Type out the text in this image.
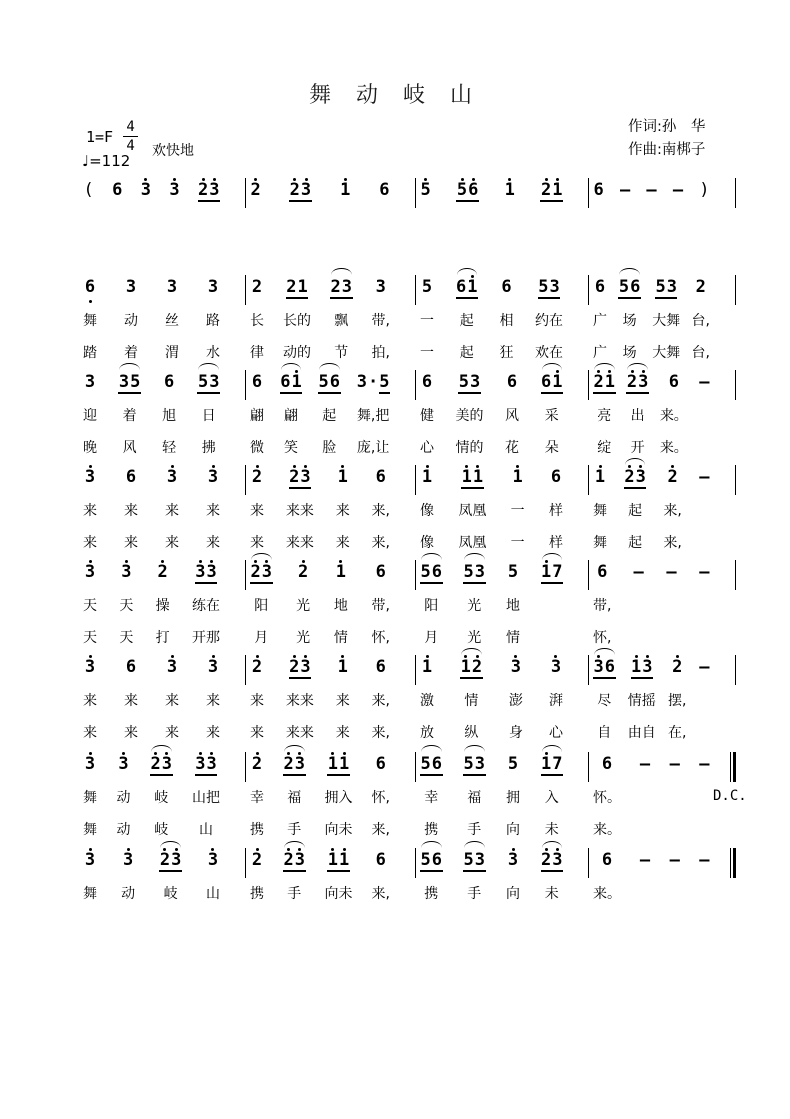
舞 动 岐 山
$1=F \frac{4}{4}$
♩=112
欢快地
作词:孙　华
作曲:南梆子
( 6 3 3 2 3 2 2 3 1 6 5 5 6 1 2 1 6 — — — )
6
舞
踏
3
动
着
3
丝
渭
3
路
水
2
长
律
2 1
长的
动的
2 3
飘
节
3
带,
拍,
5
一
一
6 1
起
起
6
相
狂
5 3
约在
欢在
6
广
广
5 6
场
场
5 3
大舞
大舞
2
台,
台,
3
迎
晚
3 5
着
风
6
旭
轻
5 3
日
拂
6
翩
微
6 1
翩
笑
5 6
起
脸
3 · 5
舞,把
庞,让
6
健
心
5 3
美的
情的
6
风
花
6 1
采
朵
2 1
亮
绽
2 3
出
开
6
来。
来。
—

3
来
来
6
来
来
3
来
来
3
来
来
2
来
来
2 3
来来
来来
1
来
来
6
来,
来,
1
像
像
1 1
凤凰
凤凰
1
一
一
6
样
样
1
舞
舞
2 3
起
起
2
来,
来,
—

3
天
天
3
天
天
2
操
打
3 3
练在
开那
2 3
阳
月
2
光
光
1
地
情
6
带,
怀,
5 6
阳
月
5 3
光
光
5
地
情
1 7

6
带,
怀,
—

—

—

3
来
来
6
来
来
3
来
来
3
来
来
2
来
来
2 3
来来
来来
1
来
来
6
来,
来,
1
激
放
1 2
情
纵
3
澎
身
3
湃
心
3 6
尽
自
1 3
情摇
由自
2
摆,
在,
—

3
舞
舞
3
动
动
2 3
岐
岐
3 3
山把
山
2
幸
携
2 3
福
手
1 1
拥入
向未
6
怀,
来,
5 6
幸
携
5 3
福
手
5
拥
向
1 7
入
未
6
怀。
来。
—

—

—

D.C.
3
舞
3
动
2 3
岐
3
山
2
携
2 3
手
1 1
向未
6
来,
5 6
携
5 3
手
3
向
2 3
未
6
来。
—
—
—
